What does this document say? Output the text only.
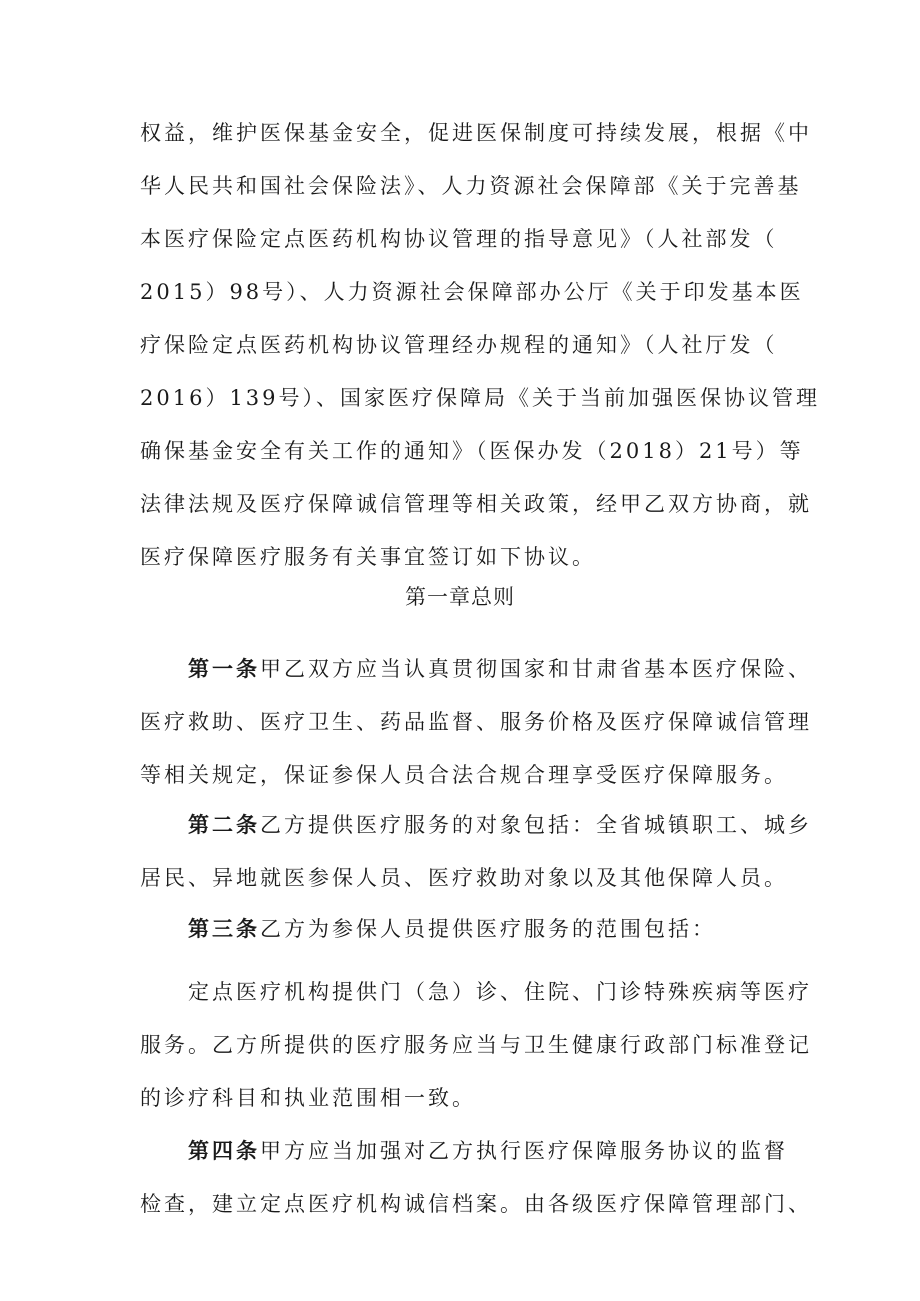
权益，维护医保基金安全，促进医保制度可持续发展，根据《中
华人民共和国社会保险法》、人力资源社会保障部《关于完善基
本医疗保险定点医药机构协议管理的指导意见》（人社部发（
2015）98号）、人力资源社会保障部办公厅《关于印发基本医
疗保险定点医药机构协议管理经办规程的通知》（人社厅发（
2016）139号）、国家医疗保障局《关于当前加强医保协议管理
确保基金安全有关工作的通知》（医保办发（2018）21号）等
法律法规及医疗保障诚信管理等相关政策，经甲乙双方协商，就
医疗保障医疗服务有关事宜签订如下协议。
第一章总则
第一条甲乙双方应当认真贯彻国家和甘肃省基本医疗保险、
医疗救助、医疗卫生、药品监督、服务价格及医疗保障诚信管理
等相关规定，保证参保人员合法合规合理享受医疗保障服务。
第二条乙方提供医疗服务的对象包括：全省城镇职工、城乡
居民、异地就医参保人员、医疗救助对象以及其他保障人员。
第三条乙方为参保人员提供医疗服务的范围包括：
定点医疗机构提供门（急）诊、住院、门诊特殊疾病等医疗
服务。乙方所提供的医疗服务应当与卫生健康行政部门标准登记
的诊疗科目和执业范围相一致。
第四条甲方应当加强对乙方执行医疗保障服务协议的监督
检查，建立定点医疗机构诚信档案。由各级医疗保障管理部门、
